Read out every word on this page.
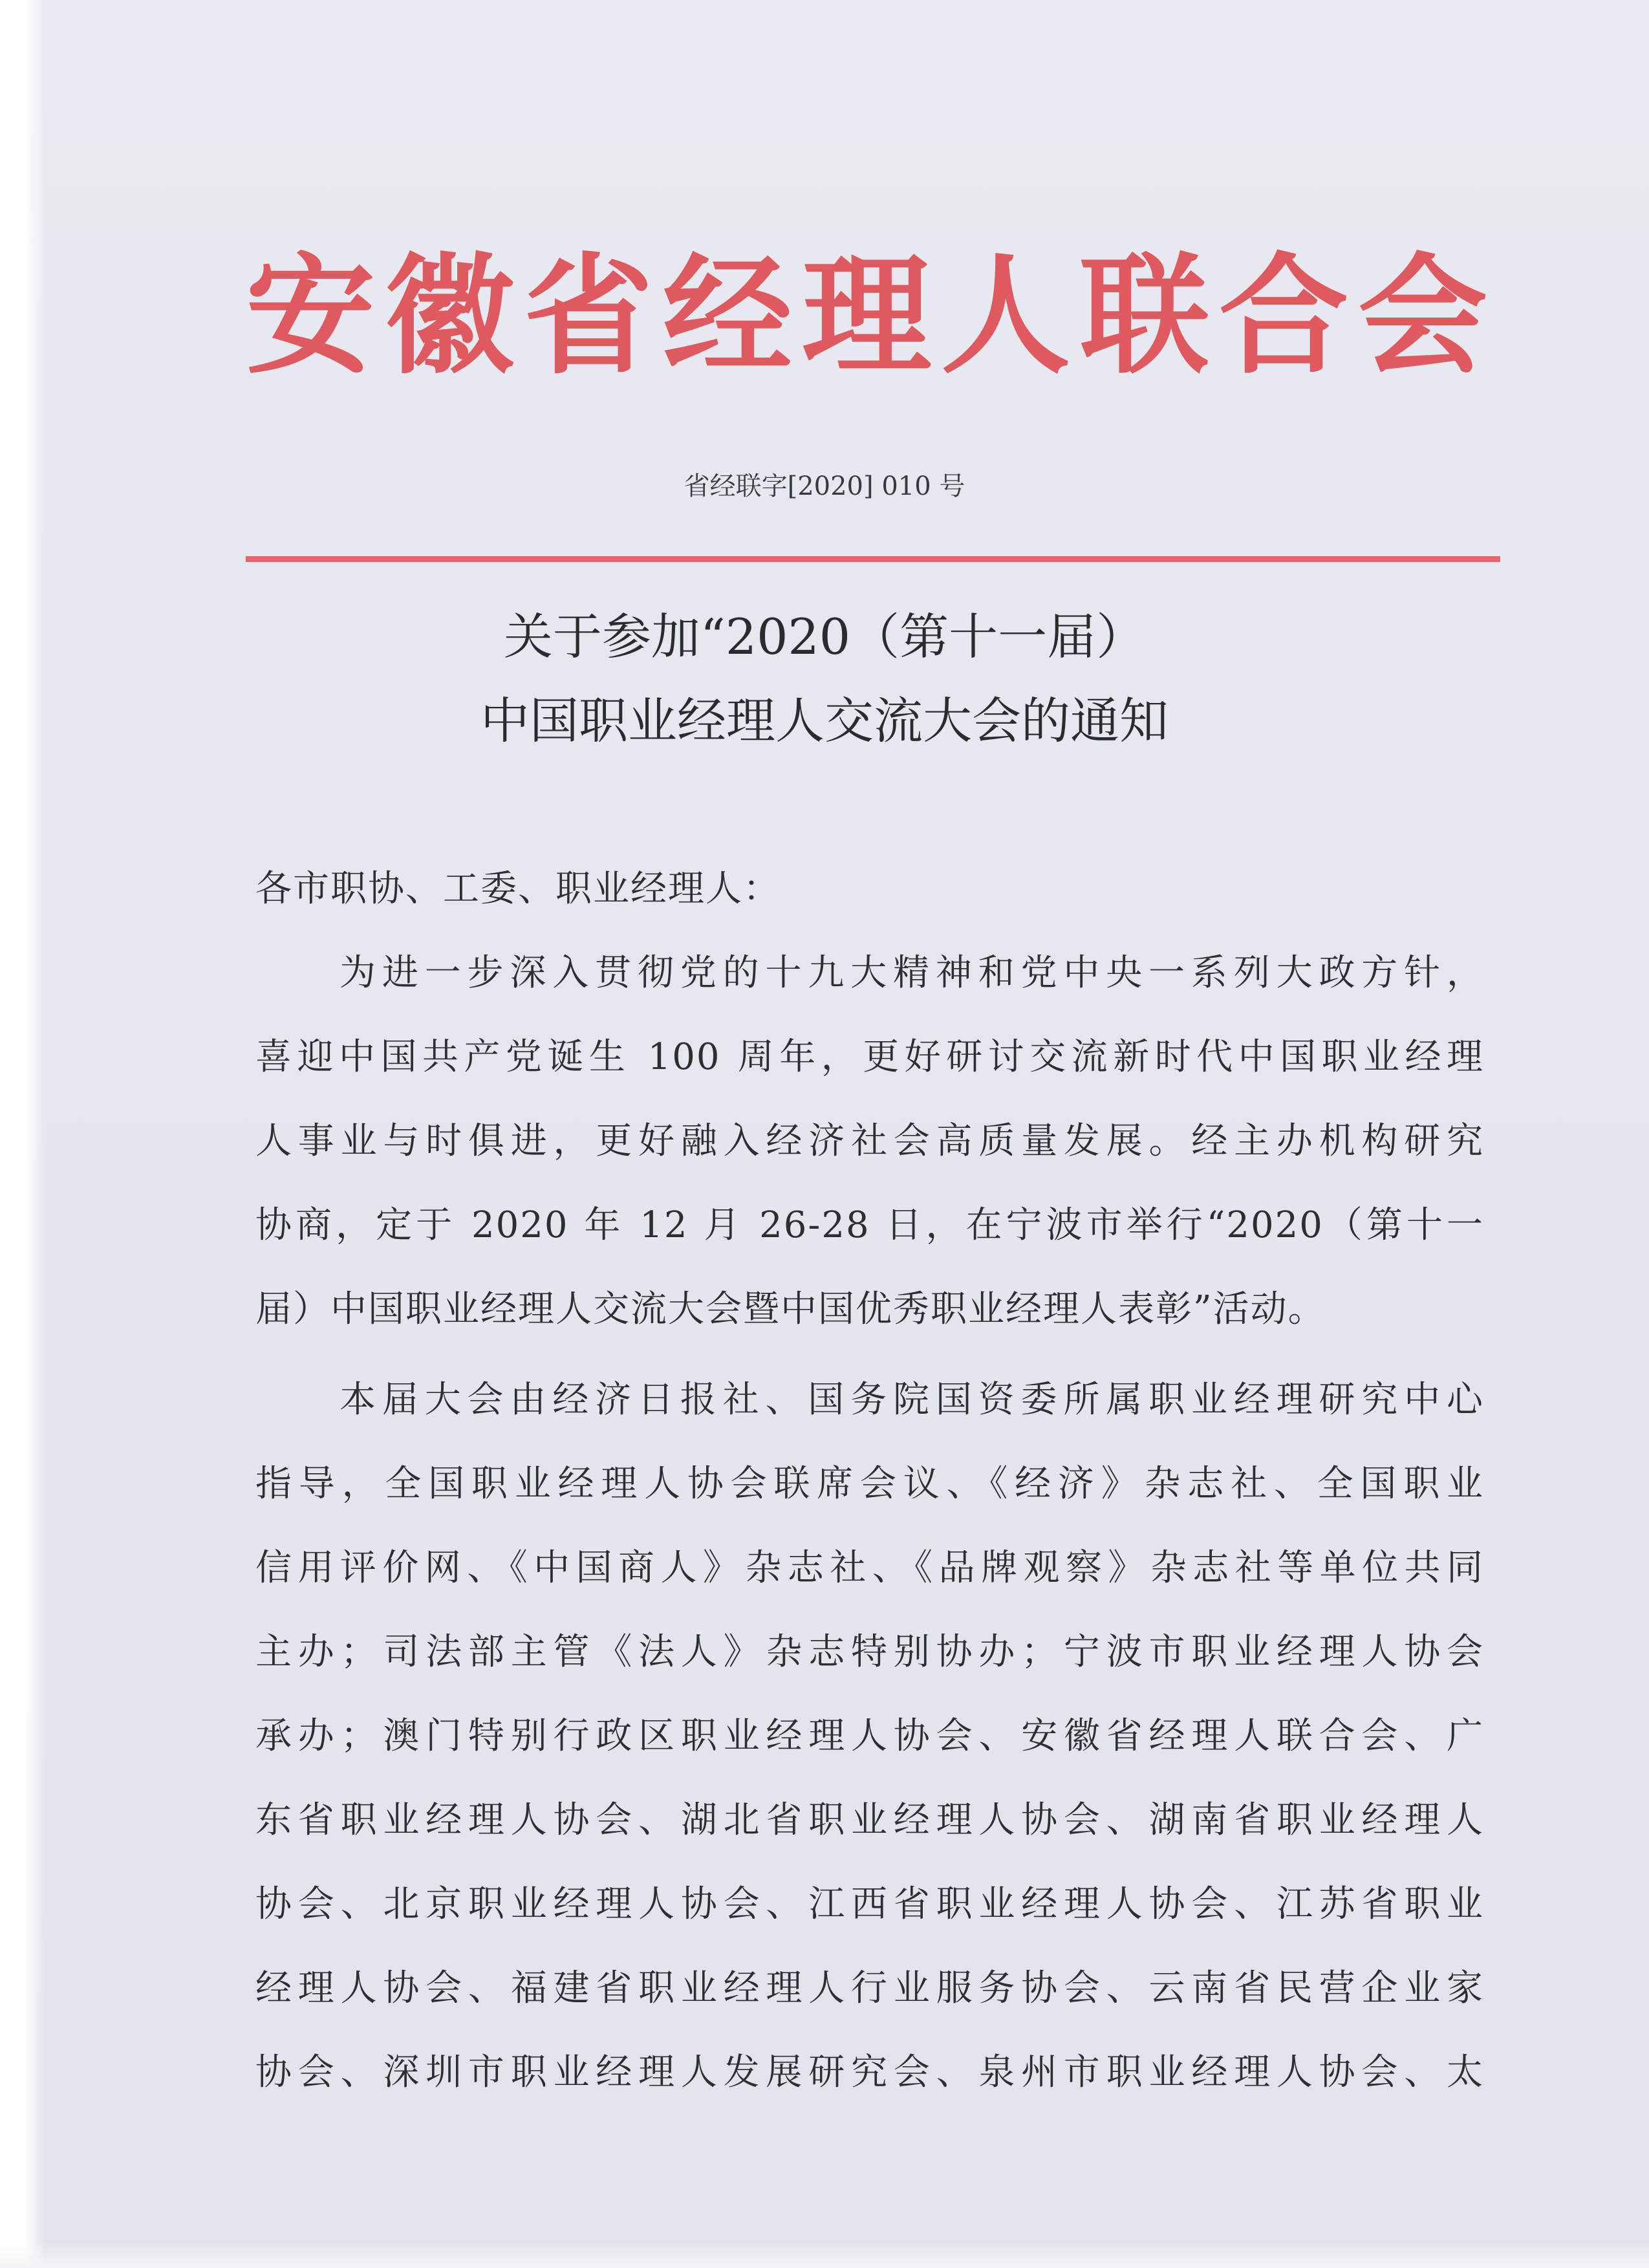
安 徽 省 经 理 人 联 合 会
省经联字[2020] 010 号
关于参加“2020（第十一届）
中国职业经理人交流大会的通知
各市职协、工委、职业经理人：
为进一步深入贯彻党的十九大精神和党中央一系列大政方针，
喜迎中国共产党诞生 100 周年，更好研讨交流新时代中国职业经理
人事业与时俱进，更好融入经济社会高质量发展。经主办机构研究
协商，定于 2020 年 12 月 26-28 日，在宁波市举行“2020（第十一
届）中国职业经理人交流大会暨中国优秀职业经理人表彰”活动。
本届大会由经济日报社、国务院国资委所属职业经理研究中心
指导，全国职业经理人协会联席会议、《经济》杂志社、全国职业
信用评价网、《中国商人》杂志社、《品牌观察》杂志社等单位共同
主办；司法部主管《法人》杂志特别协办；宁波市职业经理人协会
承办；澳门特别行政区职业经理人协会、安徽省经理人联合会、广
东省职业经理人协会、湖北省职业经理人协会、湖南省职业经理人
协会、北京职业经理人协会、江西省职业经理人协会、江苏省职业
经理人协会、福建省职业经理人行业服务协会、云南省民营企业家
协会、深圳市职业经理人发展研究会、泉州市职业经理人协会、太
